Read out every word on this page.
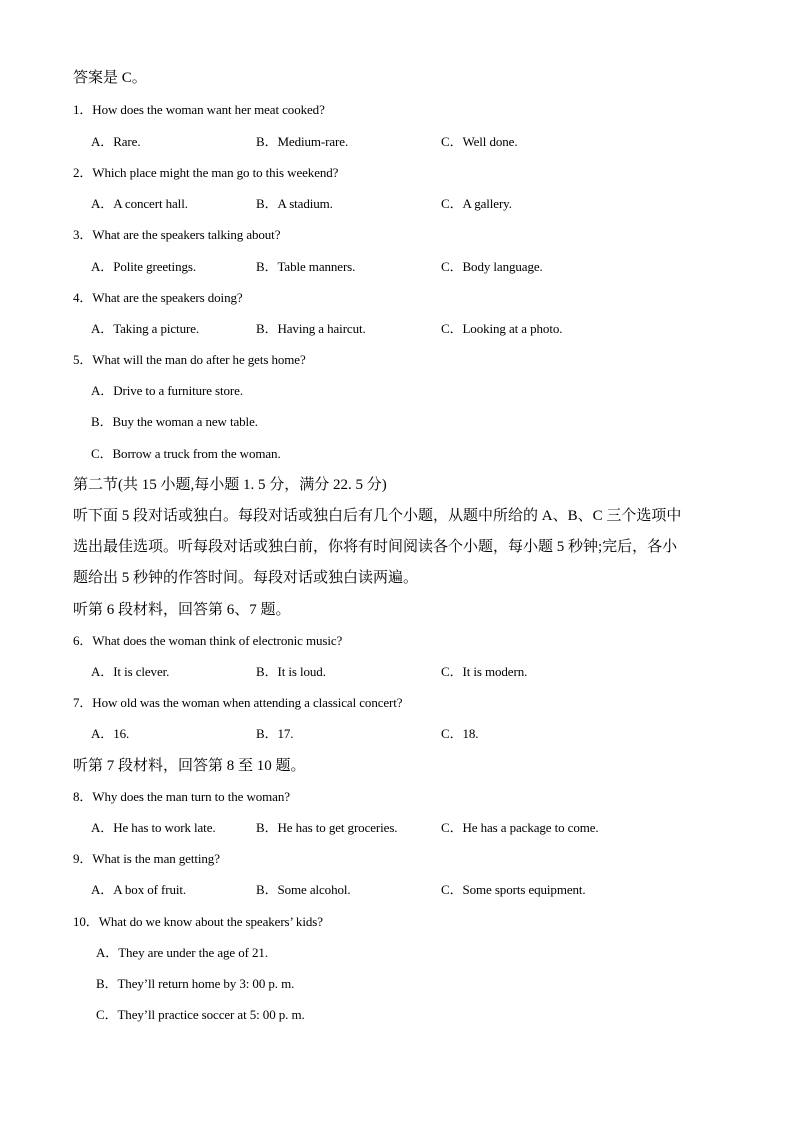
答案是 C。
1．How does the woman want her meat cooked?
A．Rare.	B．Medium-rare.	C．Well done.
2．Which place might the man go to this weekend?
A．A concert hall.	B．A stadium.	C．A gallery.
3．What are the speakers talking about?
A．Polite greetings.	B．Table manners.	C．Body language.
4．What are the speakers doing?
A．Taking a picture.	B．Having a haircut.	C．Looking at a photo.
5．What will the man do after he gets home?
A．Drive to a furniture store.
B．Buy the woman a new table.
C．Borrow a truck from the woman.
第二节(共 15 小题,每小题 1. 5 分，满分 22. 5 分)
听下面 5 段对话或独白。每段对话或独白后有几个小题，从题中所给的 A、B、C 三个选项中
选出最佳选项。听每段对话或独白前，你将有时间阅读各个小题，每小题 5 秒钟;完后，各小
题给出 5 秒钟的作答时间。每段对话或独白读两遍。
听第 6 段材料，回答第 6、7 题。
6．What does the woman think of electronic music?
A．It is clever.	B．It is loud.	C．It is modern.
7．How old was the woman when attending a classical concert?
A．16.	B．17.	C．18.
听第 7 段材料，回答第 8 至 10 题。
8．Why does the man turn to the woman?
A．He has to work late.	B．He has to get groceries.	C．He has a package to come.
9．What is the man getting?
A．A box of fruit.	B．Some alcohol.	C．Some sports equipment.
10．What do we know about the speakers’ kids?
A．They are under the age of 21.
B．They’ll return home by 3: 00 p. m.
C．They’ll practice soccer at 5: 00 p. m.
